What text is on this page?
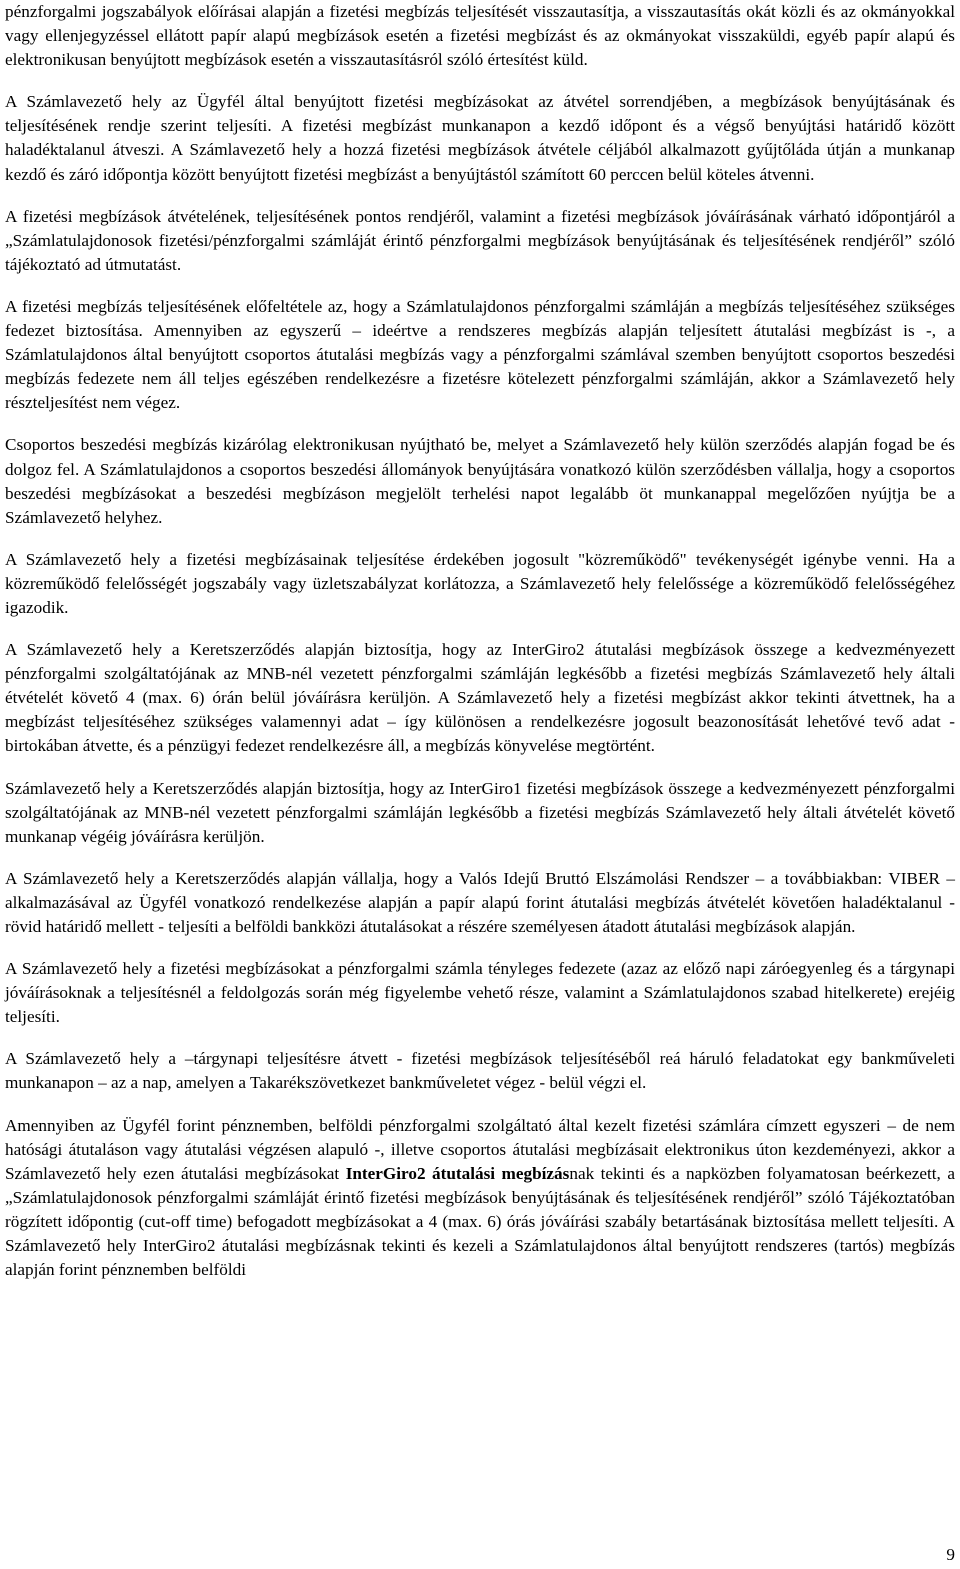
pénzforgalmi jogszabályok előírásai alapján a fizetési megbízás teljesítését visszautasítja, a visszautasítás okát közli és az okmányokkal vagy ellenjegyzéssel ellátott papír alapú megbízások esetén a fizetési megbízást és az okmányokat visszaküldi, egyéb papír alapú és elektronikusan benyújtott megbízások esetén a visszautasításról szóló értesítést küld.

A Számlavezető hely az Ügyfél által benyújtott fizetési megbízásokat az átvétel sorrendjében, a megbízások benyújtásának és teljesítésének rendje szerint teljesíti. A fizetési megbízást munkanapon a kezdő időpont és a végső benyújtási határidő között haladéktalanul átveszi. A Számlavezető hely a hozzá fizetési megbízások átvétele céljából alkalmazott gyűjtőláda útján a munkanap kezdő és záró időpontja között benyújtott fizetési megbízást a benyújtástól számított 60 perccen belül köteles átvenni.

A fizetési megbízások átvételének, teljesítésének pontos rendjéről, valamint a fizetési megbízások jóváírásának várható időpontjáról a „Számlatulajdonosok fizetési/pénzforgalmi számláját érintő pénzforgalmi megbízások benyújtásának és teljesítésének rendjéről” szóló tájékoztató ad útmutatást.

A fizetési megbízás teljesítésének előfeltétele az, hogy a Számlatulajdonos pénzforgalmi számláján a megbízás teljesítéséhez szükséges fedezet biztosítása. Amennyiben az egyszerű – ideértve a rendszeres megbízás alapján teljesített átutalási megbízást is -, a Számlatulajdonos által benyújtott csoportos átutalási megbízás vagy a pénzforgalmi számlával szemben benyújtott csoportos beszedési megbízás fedezete nem áll teljes egészében rendelkezésre a fizetésre kötelezett pénzforgalmi számláján, akkor a Számlavezető hely részteljesítést nem végez.

Csoportos beszedési megbízás kizárólag elektronikusan nyújtható be, melyet a Számlavezető hely külön szerződés alapján fogad be és dolgoz fel. A Számlatulajdonos a csoportos beszedési állományok benyújtására vonatkozó külön szerződésben vállalja, hogy a csoportos beszedési megbízásokat a beszedési megbízáson megjelölt terhelési napot legalább öt munkanappal megelőzően nyújtja be a Számlavezető helyhez.

A Számlavezető hely a fizetési megbízásainak teljesítése érdekében jogosult "közreműködő" tevékenységét igénybe venni. Ha a közreműködő felelősségét jogszabály vagy üzletszabályzat korlátozza, a Számlavezető hely felelőssége a közreműködő felelősségéhez igazodik.

A Számlavezető hely a Keretszerződés alapján biztosítja, hogy az InterGiro2 átutalási megbízások összege a kedvezményezett pénzforgalmi szolgáltatójának az MNB-nél vezetett pénzforgalmi számláján legkésőbb a fizetési megbízás Számlavezető hely általi étvételét követő 4 (max. 6) órán belül jóváírásra kerüljön. A Számlavezető hely a fizetési megbízást akkor tekinti átvettnek, ha a megbízást teljesítéséhez szükséges valamennyi adat – így különösen a rendelkezésre jogosult beazonosítását lehetővé tevő adat - birtokában átvette, és a pénzügyi fedezet rendelkezésre áll, a megbízás könyvelése megtörtént.

Számlavezető hely a Keretszerződés alapján biztosítja, hogy az InterGiro1 fizetési megbízások összege a kedvezményezett pénzforgalmi szolgáltatójának az MNB-nél vezetett pénzforgalmi számláján legkésőbb a fizetési megbízás Számlavezető hely általi átvételét követő munkanap végéig jóváírásra kerüljön.

A Számlavezető hely a Keretszerződés alapján vállalja, hogy a Valós Idejű Bruttó Elszámolási Rendszer – a továbbiakban: VIBER – alkalmazásával az Ügyfél vonatkozó rendelkezése alapján a papír alapú forint átutalási megbízás átvételét követően haladéktalanul - rövid határidő mellett - teljesíti a belföldi bankközi átutalásokat a részére személyesen átadott átutalási megbízások alapján.

A Számlavezető hely a fizetési megbízásokat a pénzforgalmi számla tényleges fedezete (azaz az előző napi záróegyenleg és a tárgynapi jóváírásoknak a teljesítésnél a feldolgozás során még figyelembe vehető része, valamint a Számlatulajdonos szabad hitelkerete) erejéig teljesíti.

A Számlavezető hely a –tárgynapi teljesítésre átvett - fizetési megbízások teljesítéséből reá háruló feladatokat egy bankműveleti munkanapon – az a nap, amelyen a Takarékszövetkezet bankműveletet végez - belül végzi el.

Amennyiben az Ügyfél forint pénznemben, belföldi pénzforgalmi szolgáltató által kezelt fizetési számlára címzett egyszeri – de nem hatósági átutaláson vagy átutalási végzésen alapuló -, illetve csoportos átutalási megbízásait elektronikus úton kezdeményezi, akkor a Számlavezető hely ezen átutalási megbízásokat InterGiro2 átutalási megbízásnak tekinti és a napközben folyamatosan beérkezett, a „Számlatulajdonosok pénzforgalmi számláját érintő fizetési megbízások benyújtásának és teljesítésének rendjéről” szóló Tájékoztatóban rögzített időpontig (cut-off time) befogadott megbízásokat a 4 (max. 6) órás jóváírási szabály betartásának biztosítása mellett teljesíti. A Számlavezető hely InterGiro2 átutalási megbízásnak tekinti és kezeli a Számlatulajdonos által benyújtott rendszeres (tartós) megbízás alapján forint pénznemben belföldi

9
